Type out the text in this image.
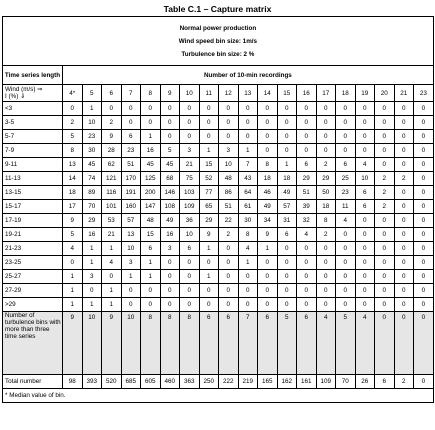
Table C.1 – Capture matrix
Normal power production
Wind speed bin size: 1m/s
Turbulence bin size: 2 %																			

Time series length	Number of 10-min recordings																		

Wind (m/s) ⇒
I (%) ⇓	4*	5	6	7	8	9	10	11	12	13	14	15	16	17	18	19	20	21	23
<3	0	1	0	0	0	0	0	0	0	0	0	0	0	0	0	0	0	0	0
3-5	2	10	2	0	0	0	0	0	0	0	0	0	0	0	0	0	0	0	0
5-7	5	23	9	6	1	0	0	0	0	0	0	0	0	0	0	0	0	0	0
7-9	8	30	28	23	16	5	3	1	3	1	0	0	0	0	0	0	0	0	0
9-11	13	45	62	51	45	45	21	15	10	7	8	1	6	2	6	4	0	0	0
11-13	14	74	121	170	125	68	75	52	48	43	18	18	29	29	25	10	2	2	0
13-15	18	89	116	191	200	146	103	77	86	64	46	49	51	50	23	6	2	0	0
15-17	17	70	101	160	147	108	109	65	51	61	49	57	39	18	11	6	2	0	0
17-19	9	29	53	57	48	49	36	29	22	30	34	31	32	8	4	0	0	0	0
19-21	5	16	21	13	15	16	10	9	2	8	9	6	4	2	0	0	0	0	0
21-23	4	1	1	10	6	3	6	1	0	4	1	0	0	0	0	0	0	0	0
23-25	0	1	4	3	1	0	0	0	0	1	0	0	0	0	0	0	0	0	0
25-27	1	3	0	1	1	0	0	1	0	0	0	0	0	0	0	0	0	0	0
27-29	1	0	1	0	0	0	0	0	0	0	0	0	0	0	0	0	0	0	0
>29	1	1	1	0	0	0	0	0	0	0	0	0	0	0	0	0	0	0	0
Number of turbulence bins with more than three time series	9	10	9	10	8	8	8	6	6	7	6	5	6	4	5	4	0	0	0
Total number	98	393	520	685	605	460	363	250	222	219	165	162	161	109	70	26	6	2	0
* Median value of bin.																			
